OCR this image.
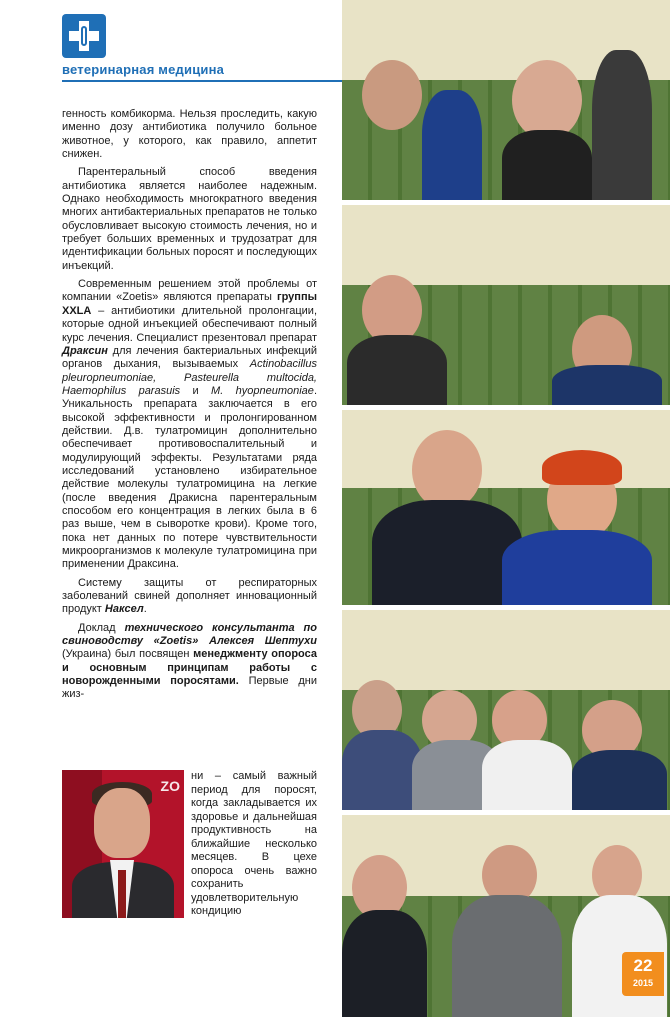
ветеринарная медицина

генность комбикорма. Нельзя проследить, какую именно дозу антибиотика получило больное животное, у которого, как правило, аппетит снижен.

Парентеральный способ введения антибиотика является наиболее надежным. Однако необходимость многократного введения многих антибактериальных препаратов не только обусловливает высокую стоимость лечения, но и требует больших временных и трудозатрат для идентификации больных поросят и последующих инъекций.

Современным решением этой проблемы от компании «Zoetis» являются препараты группы XXLA – антибиотики длительной пролонгации, которые одной инъекцией обеспечивают полный курс лечения. Специалист презентовал препарат Дракcин для лечения бактериальных инфекций органов дыхания, вызываемых Actinobacillus pleuropneumoniae, Pasteurella multocida, Haemophilus parasuis и M. hyopneumoniae. Уникальность препарата заключается в его высокой эффективности и пролонгированном действии. Д.в. тулатромицин дополнительно обеспечивает противовоспалительный и модулирующий эффекты. Результатами ряда исследований установлено избирательное действие молекулы тулатромицина на легкие (после введения Дракисна парентеральным способом его концентрация в легких была в 6 раз выше, чем в сыворотке крови). Кроме того, пока нет данных по потере чувствительности микроорганизмов к молекуле тулатромицина при применении Дракcина.

Систему защиты от респираторных заболеваний свиней дополняет инновационный продукт Наксел.

Доклад технического консультанта по свиноводству «Zoetis» Алексея Шептухи (Украина) был посвящен менеджменту опороса и основным принципам работы с новорожденными поросятами. Первые дни жиз-

ZO
ни – самый важный период для поросят, когда закладывается их здоровье и дальнейшая продуктивность на ближайшие несколько месяцев. В цехе опороса очень важно сохранить удовлетворительную кондицию
22
2015
